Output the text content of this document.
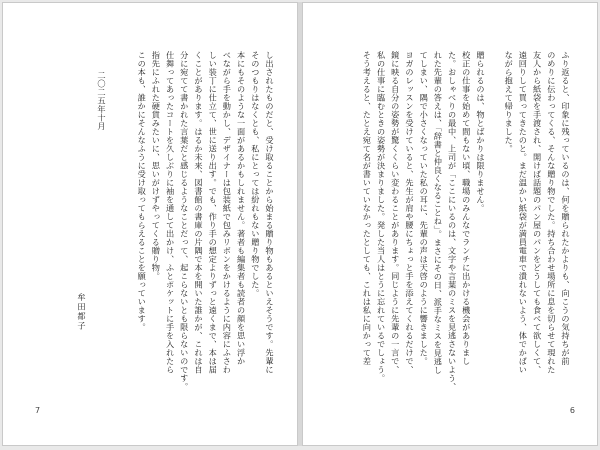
し出されたものだと、受け取ることから始まる贈り物もあるといえそうです。先輩に
そのつもりはなくとも、私にとっては紛れもない贈り物でした。
本にもそのような一面があるかもしれません。著者も編集者も読者の顔を思い浮か
べながら手を動かし、デザイナーは包装紙で包みリボンをかけるように内容にふさわ
しい装丁に仕立て、世に送り出す。でも、作り手の想定よりずっと遠くまで、本は届
くことがあります。はるか未来、図書館の書庫の片隅で本を開いた誰かが、これは自
分に宛てて書かれた言葉だと感じるようなことだって、起こらないとも限らないのです。
仕舞ってあったコートを久しぶりに袖を通して出かけ、ふとポケットに手を入れたら
指先にふれた硬貨みたいに、思いがけずやってくる贈り物。
この本も、誰かにそんなふうに受け取ってもらえることを願っています。
二〇二五年十月
牟田都子
7
ふり返ると、印象に残っているのは、何を贈られたかよりも、向こうの気持ちが前
のめりに伝わってくる、そんな贈り物でした。持ち合わせ場所に息を切らせて現れた
友人から紙袋を手渡され、開けば話題のパン屋のパンをどうしても食べて欲しくて、
遠回りして買ってきたのと。まだ温かい紙袋が満員電車で潰れないよう、体でかばい
ながら抱えて帰りました。
贈られるのは、物とばかりは限りません。
校正の仕事を始めて間もない頃、職場のみんなでランチに出かける機会がありまし
た。おしゃべりの最中、上司が「ここにいるのは、文字や言葉のミスを見逃さないよう、
れた先輩の答えは、「辞書と仲良くなることね」。まさにその日、派手なミスを見逃し
てしまい、隅で小さくなっていた私の耳に、先輩の声は天啓のように響きました。
ヨガのレッスンを受けていると、先生が肩や腰にちょっと手を添えてくれるだけで、
鏡に映る自分の姿勢が驚くくらい変わることがあります。同じように先輩の一言で、
私の仕事に臨むときの姿勢が決まりました。発した当人はとうに忘れているでしょう。
そう考えると、たとえ宛て名が書いていなかったとしても、これは私に向かって差
6
